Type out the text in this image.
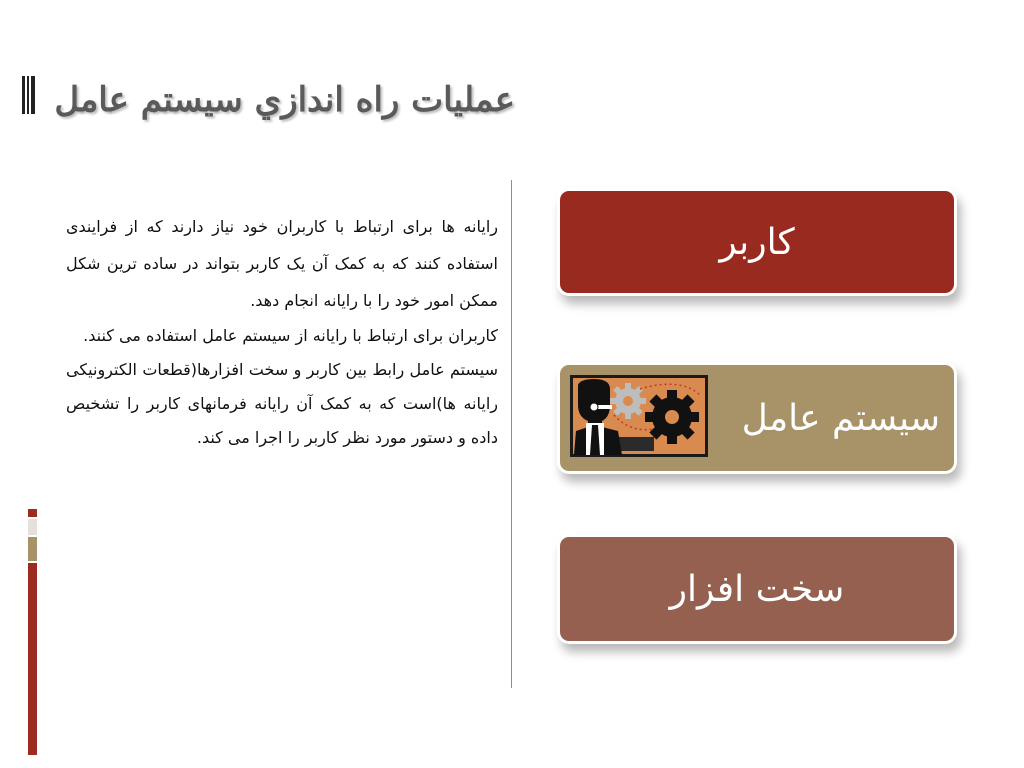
عملیات راه اندازي سیستم عامل

رایانه ها برای ارتباط با کاربران خود نیاز دارند که از فرایندی استفاده کنند که به کمک آن یک کاربر بتواند در ساده ترین شکل ممکن امور خود را با رایانه انجام دهد.

کاربران برای ارتباط با رایانه از سیستم عامل استفاده می کنند.

سیستم عامل رابط بین کاربر و سخت افزارها(قطعات الکترونیکی رایانه ها)است که به کمک آن رایانه فرمانهای کاربر را تشخیص داده و دستور مورد نظر کاربر را اجرا می کند.

کاربر
سیستم عامل
سخت افزار
